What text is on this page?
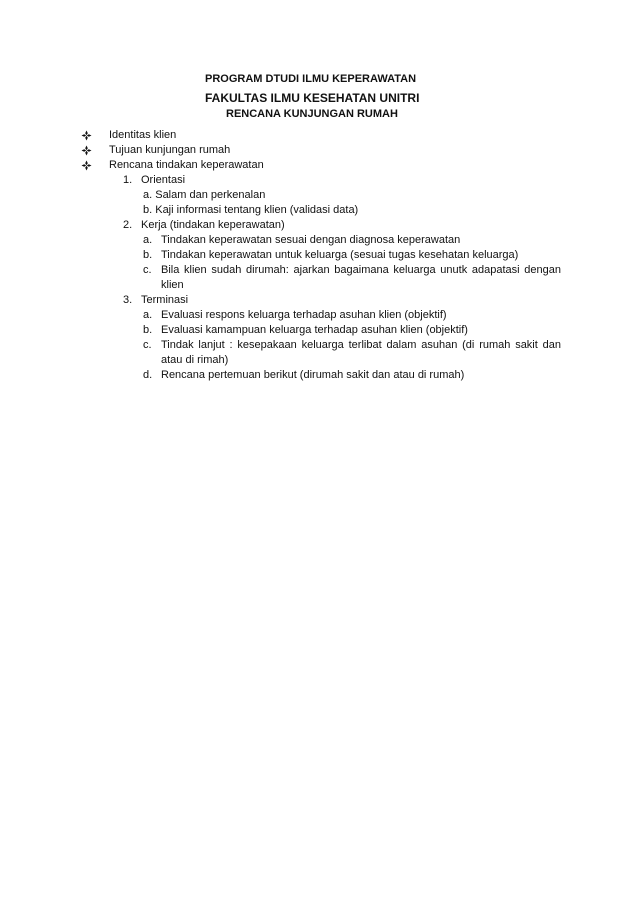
PROGRAM DTUDI ILMU KEPERAWATAN
FAKULTAS ILMU KESEHATAN UNITRI
RENCANA KUNJUNGAN RUMAH
Identitas klien
Tujuan kunjungan rumah
Rencana tindakan keperawatan
1. Orientasi
a. Salam dan perkenalan
b. Kaji informasi tentang klien (validasi data)
2. Kerja (tindakan keperawatan)
a. Tindakan keperawatan sesuai dengan diagnosa keperawatan
b. Tindakan keperawatan untuk keluarga (sesuai tugas kesehatan keluarga)
c. Bila klien sudah dirumah: ajarkan bagaimana keluarga unutk adapatasi dengan klien
3. Terminasi
a. Evaluasi respons keluarga terhadap asuhan klien (objektif)
b. Evaluasi kamampuan keluarga terhadap asuhan klien (objektif)
c. Tindak lanjut : kesepakaan keluarga terlibat dalam asuhan (di rumah sakit dan atau di rimah)
d. Rencana pertemuan berikut (dirumah sakit dan atau di rumah)
